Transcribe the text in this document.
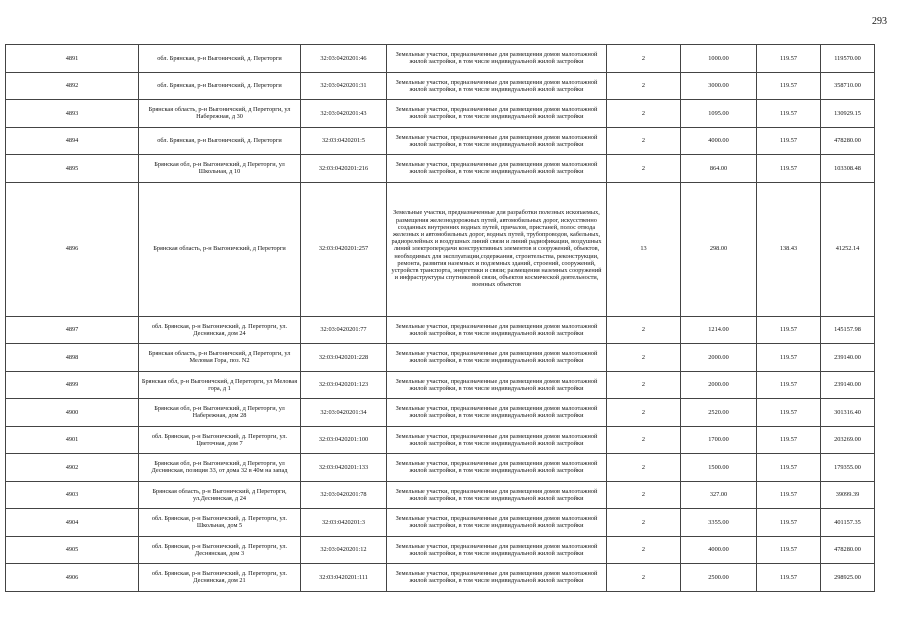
293
4891	обл. Брянская, р-н Выгоничский, д. Переторги	32:03:0420201:46	Земельные участки, предназначенные для размещения домов малоэтажной жилой застройки, в том числе индивидуальной жилой застройки	2	1000.00	119.57	119570.00
4892	обл. Брянская, р-н Выгоничский, д. Переторги	32:03:0420201:31	Земельные участки, предназначенные для размещения домов малоэтажной жилой застройки, в том числе индивидуальной жилой застройки	2	3000.00	119.57	358710.00
4893	Брянская область, р-н Выгоничский, д Переторги, ул Набережная, д 30	32:03:0420201:43	Земельные участки, предназначенные для размещения домов малоэтажной жилой застройки, в том числе индивидуальной жилой застройки	2	1095.00	119.57	130929.15
4894	обл. Брянская, р-н Выгоничский, д. Переторги	32:03:0420201:5	Земельные участки, предназначенные для размещения домов малоэтажной жилой застройки, в том числе индивидуальной жилой застройки	2	4000.00	119.57	478280.00
4895	Брянская обл, р-н Выгоничский, д Переторги, ул Школьная, д 10	32:03:0420201:216	Земельные участки, предназначенные для размещения домов малоэтажной жилой застройки, в том числе индивидуальной жилой застройки	2	864.00	119.57	103308.48
4896	Брянская область, р-н Выгоничский, д Переторги	32:03:0420201:257	Земельные участки, предназначенные для разработки полезных ископаемых, размещения железнодорожных путей, автомобильных дорог, искусственно созданных внутренних водных путей, причалов, пристаней, полос отвода железных и автомобильных дорог, водных путей, трубопроводов, кабельных, радиорелейных и воздушных линий связи и линий радиофикации, воздушных линий электропередачи конструктивных элементов и сооружений, объектов, необходимых для эксплуатации,содержания, строительства, реконструкции, ремонта, развития наземных и подземных зданий, строений, сооружений, устройств транспорта, энергетики и связи; размещения наземных сооружений и инфраструктуры спутниковой связи, объектов космической деятельности, военных объектов	13	298.00	138.43	41252.14
4897	обл. Брянская, р-н Выгоничский, д. Переторги, ул. Деснянская, дом 24	32:03:0420201:77	Земельные участки, предназначенные для размещения домов малоэтажной жилой застройки, в том числе индивидуальной жилой застройки	2	1214.00	119.57	145157.98
4898	Брянская область, р-н Выгоничский, д Переторги, ул Меловая Гора, поз. N2	32:03:0420201:228	Земельные участки, предназначенные для размещения домов малоэтажной жилой застройки, в том числе индивидуальной жилой застройки	2	2000.00	119.57	239140.00
4899	Брянская обл, р-н Выгоничский, д Переторги, ул Меловая гора, д 1	32:03:0420201:123	Земельные участки, предназначенные для размещения домов малоэтажной жилой застройки, в том числе индивидуальной жилой застройки	2	2000.00	119.57	239140.00
4900	Брянская обл, р-н Выгоничский, д Переторги, ул Набережная, дом 28	32:03:0420201:34	Земельные участки, предназначенные для размещения домов малоэтажной жилой застройки, в том числе индивидуальной жилой застройки	2	2520.00	119.57	301316.40
4901	обл. Брянская, р-н Выгоничский, д. Переторги, ул. Цветочная, дом 7	32:03:0420201:100	Земельные участки, предназначенные для размещения домов малоэтажной жилой застройки, в том числе индивидуальной жилой застройки	2	1700.00	119.57	203269.00
4902	Брянская обл, р-н Выгоничский, д Переторги, ул Деснянская, позиция 33, от дома 32 в 40м на запад	32:03:0420201:133	Земельные участки, предназначенные для размещения домов малоэтажной жилой застройки, в том числе индивидуальной жилой застройки	2	1500.00	119.57	179355.00
4903	Брянская область, р-н Выгоничский, д Переторги, ул.Деснянская, д 24	32:03:0420201:78	Земельные участки, предназначенные для размещения домов малоэтажной жилой застройки, в том числе индивидуальной жилой застройки	2	327.00	119.57	39099.39
4904	обл. Брянская, р-н Выгоничский, д. Переторги, ул. Школьная, дом 5	32:03:0420201:3	Земельные участки, предназначенные для размещения домов малоэтажной жилой застройки, в том числе индивидуальной жилой застройки	2	3355.00	119.57	401157.35
4905	обл. Брянская, р-н Выгоничский, д. Переторги, ул. Деснянская, дом 3	32:03:0420201:12	Земельные участки, предназначенные для размещения домов малоэтажной жилой застройки, в том числе индивидуальной жилой застройки	2	4000.00	119.57	478280.00
4906	обл. Брянская, р-н Выгоничский, д. Переторги, ул. Деснянская, дом 21	32:03:0420201:111	Земельные участки, предназначенные для размещения домов малоэтажной жилой застройки, в том числе индивидуальной жилой застройки	2	2500.00	119.57	298925.00
